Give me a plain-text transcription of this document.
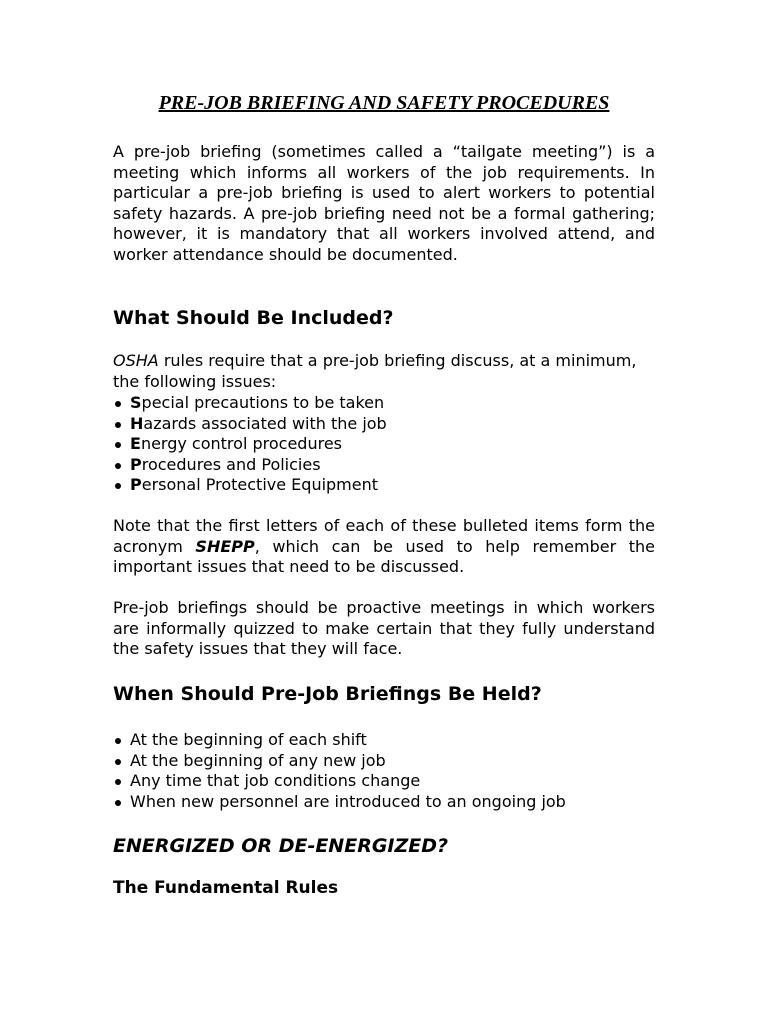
PRE-JOB BRIEFING AND SAFETY PROCEDURES

A pre-job briefing (sometimes called a “tailgate meeting”) is a meeting which informs all workers of the job requirements. In particular a pre-job briefing is used to alert workers to potential safety hazards. A pre-job briefing need not be a formal gathering; however, it is mandatory that all workers involved attend, and worker attendance should be documented.

What Should Be Included?

OSHA rules require that a pre-job briefing discuss, at a minimum, the following issues:

Special precautions to be taken
Hazards associated with the job
Energy control procedures
Procedures and Policies
Personal Protective Equipment

Note that the first letters of each of these bulleted items form the acronym SHEPP, which can be used to help remember the important issues that need to be discussed.

Pre-job briefings should be proactive meetings in which workers are informally quizzed to make certain that they fully understand the safety issues that they will face.

When Should Pre-Job Briefings Be Held?
At the beginning of each shift
At the beginning of any new job
Any time that job conditions change
When new personnel are introduced to an ongoing job
ENERGIZED OR DE-ENERGIZED?
The Fundamental Rules
